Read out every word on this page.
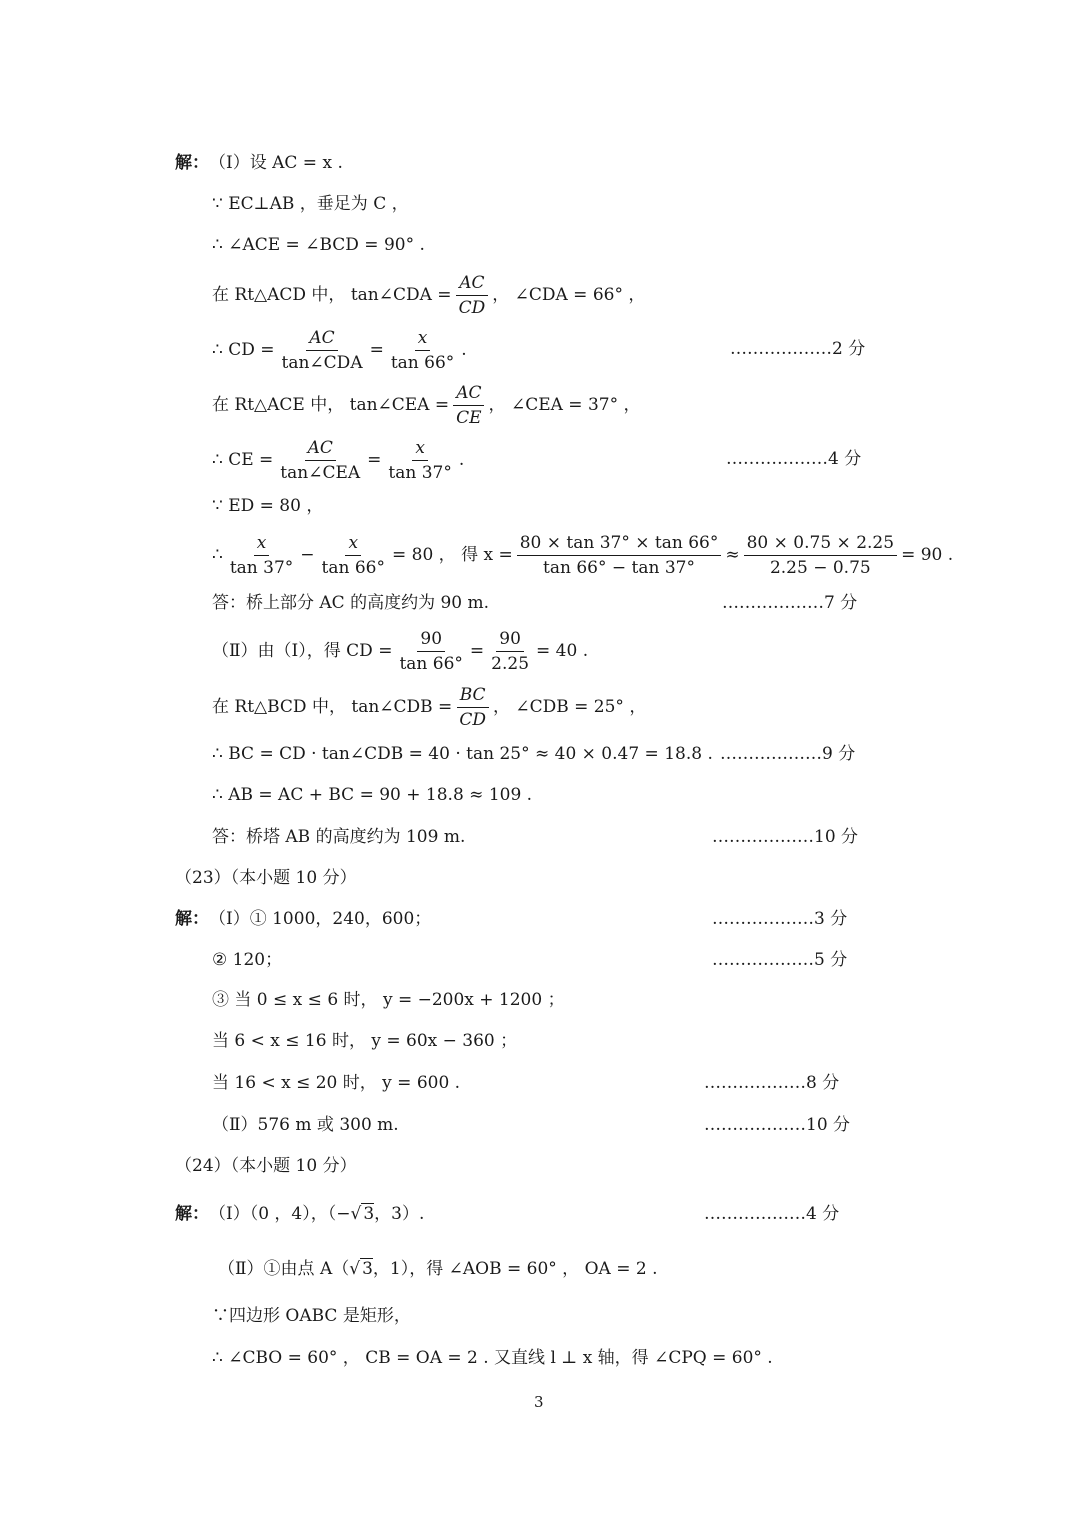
解： （Ⅰ）设 AC = x .
∵ EC⊥AB ，垂足为 C ，
∴ ∠ACE = ∠BCD = 90° .
在 Rt△ACD 中， tan∠CDA = $\frac{AC}{CD}$ ， ∠CDA = 66° ，
∴ CD = $\frac{AC}{\text{tan∠CDA}} = \frac{x}{\tan 66^\circ}$ .	………………2 分
在 Rt△ACE 中， tan∠CEA = $\frac{AC}{CE}$ ， ∠CEA = 37° ，
∴ CE = $\frac{AC}{\text{tan∠CEA}} = \frac{x}{\tan 37^\circ}$ .	………………4 分
∵ ED = 80 ，
∴ $\frac{x}{\tan 37^\circ} - \frac{x}{\tan 66^\circ} = 80$ ， 得 $x = \frac{80 \times \tan 37^\circ \times \tan 66^\circ}{\tan 66^\circ - \tan 37^\circ} \approx \frac{80 \times 0.75 \times 2.25}{2.25 - 0.75} = 90$ .
答：桥上部分 AC 的高度约为 90 m.	………………7 分
（Ⅱ）由（Ⅰ），得 CD = $\frac{90}{\tan 66^\circ} = \frac{90}{2.25} = 40$ .
在 Rt△BCD 中， tan∠CDB = $\frac{BC}{CD}$ ， ∠CDB = 25° ，
∴ BC = CD · tan∠CDB = 40 · tan 25° ≈ 40 × 0.47 = 18.8 . ………………9 分
∴ AB = AC + BC = 90 + 18.8 ≈ 109 .
答：桥塔 AB 的高度约为 109 m.	………………10 分
（23）（本小题 10 分）
解： （Ⅰ）① 1000，240，600；	………………3 分
② 120；	………………5 分
③ 当 0 ≤ x ≤ 6 时， y = −200x + 1200 ；
当 6 < x ≤ 16 时， y = 60x − 360 ；
当 16 < x ≤ 20 时， y = 600 .	………………8 分
（Ⅱ）576 m 或 300 m.	………………10 分
（24）（本小题 10 分）
解： （Ⅰ）（0 ，4），（− √ 3 ，3）.	………………4 分
（Ⅱ）①由点 A（ √ 3 ，1），得 ∠AOB = 60° ， OA = 2 .
∵四边形 OABC 是矩形，
∴ ∠CBO = 60° ， CB = OA = 2 . 又直线 l ⊥ x 轴，得 ∠CPQ = 60° .
3
